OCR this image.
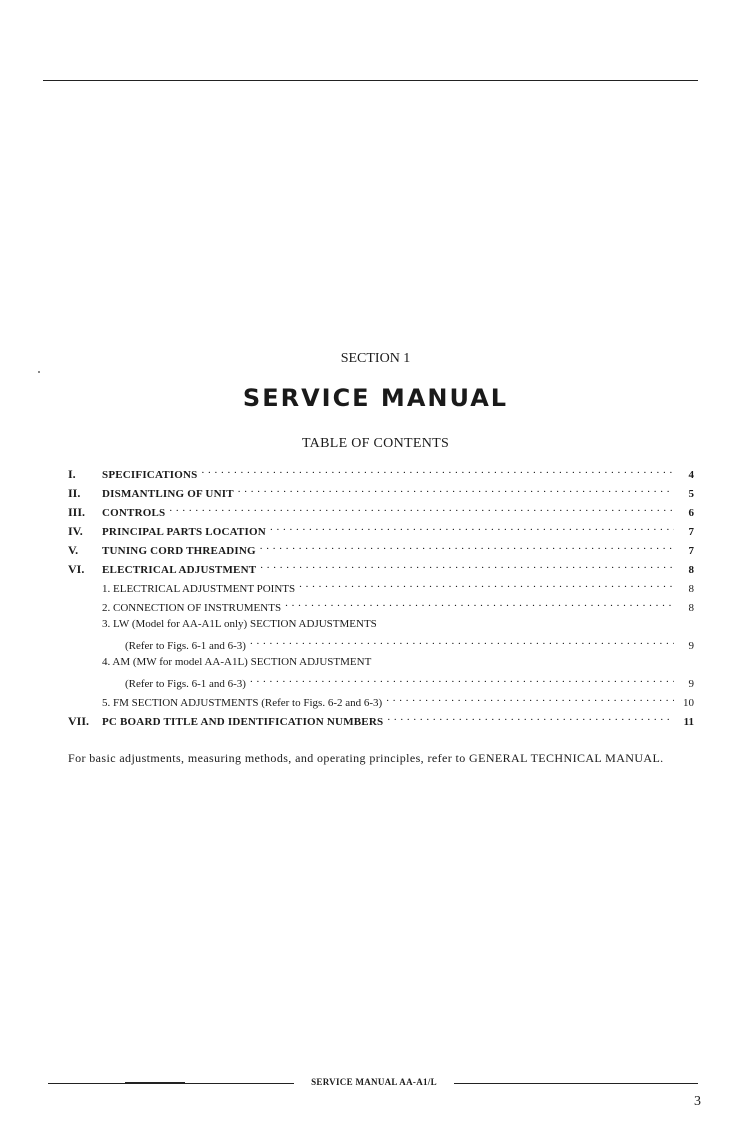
SECTION 1
SERVICE MANUAL
TABLE OF CONTENTS
I.	SPECIFICATIONS . . .	4
II.	DISMANTLING OF UNIT . . .	5
III.	CONTROLS . . .	6
IV.	PRINCIPAL PARTS LOCATION . . .	7
V.	TUNING CORD THREADING . . .	7
VI.	ELECTRICAL ADJUSTMENT . . .	8
1. ELECTRICAL ADJUSTMENT POINTS . . .	8
2. CONNECTION OF INSTRUMENTS . . .	8
3. LW (Model for AA-A1L only) SECTION ADJUSTMENTS
(Refer to Figs. 6-1 and 6-3) . . .	9
4. AM (MW for model AA-A1L) SECTION ADJUSTMENT
(Refer to Figs. 6-1 and 6-3) . . .	9
5. FM SECTION ADJUSTMENTS (Refer to Figs. 6-2 and 6-3) . . .	10
VII.	PC BOARD TITLE AND IDENTIFICATION NUMBERS . . .	11
For basic adjustments, measuring methods, and operating principles, refer to GENERAL TECHNICAL MANUAL.
SERVICE MANUAL AA-A1/L
3
